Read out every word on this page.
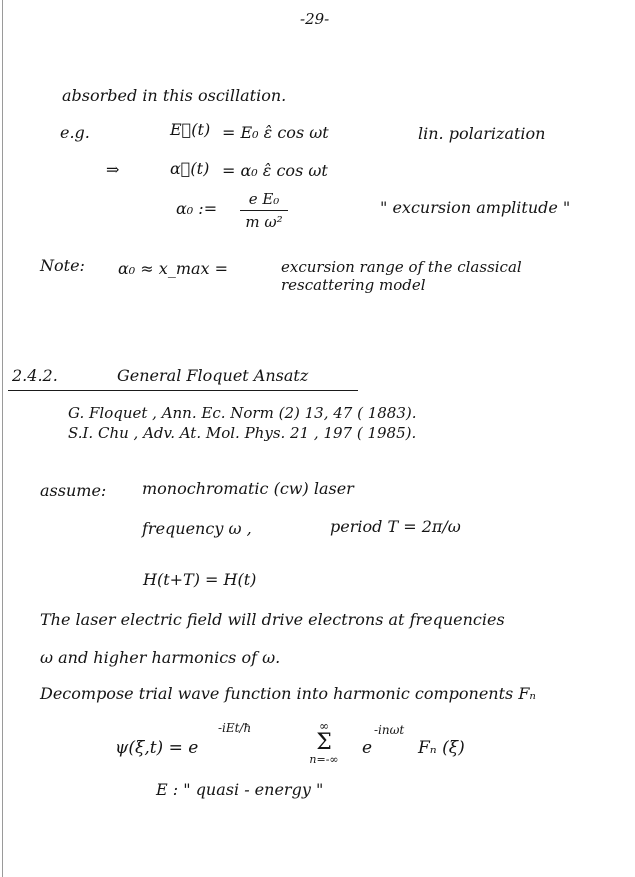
-29-
absorbed in this oscillation.
e.g.	E⃗(t) = E₀ ε̂ cos ωt	lin. polarization
⇒	α⃗(t) = α₀ ε̂ cos ωt
α₀ :=	e E₀
m ω²
" excursion amplitude "
Note: α₀ ≈ x_max =	excursion range of the classical
rescattering model
2.4.2.	General Floquet Ansatz
G. Floquet , Ann. Ec. Norm (2) 13, 47 ( 1883).
S.I. Chu , Adv. At. Mol. Phys. 21 , 197 ( 1985).
assume: monochromatic (cw) laser
frequency ω ,	period T = 2π/ω
H(t+T) = H(t)
The laser electric field will drive electrons at frequencies
ω and higher harmonics of ω.
Decompose trial wave function into harmonic components Fₙ
ψ(ξ,t) = e
-iEt/ħ	∞
Σ
n=-∞
e
-inωt
Fₙ (ξ)
E : " quasi - energy "
